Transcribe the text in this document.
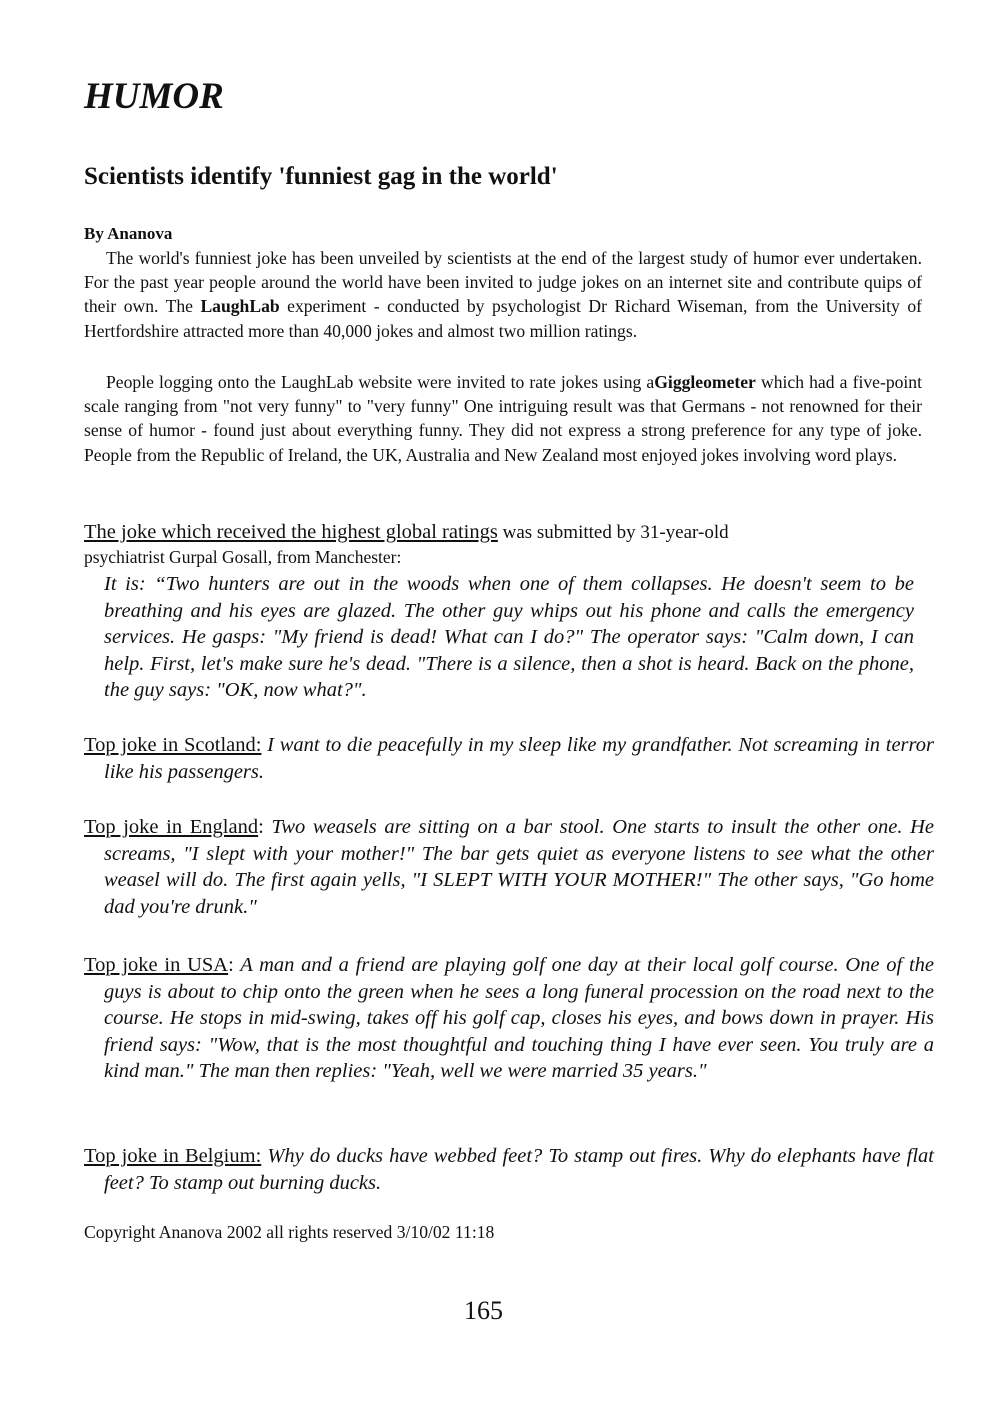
HUMOR
Scientists identify 'funniest gag in the world'
By Ananova

The world's funniest joke has been unveiled by scientists at the end of the largest study of humor ever undertaken. For the past year people around the world have been invited to judge jokes on an internet site and contribute quips of their own. The LaughLab experiment - conducted by psychologist Dr Richard Wiseman, from the University of Hertfordshire attracted more than 40,000 jokes and almost two million ratings.

People logging onto the LaughLab website were invited to rate jokes using aGiggleometer which had a five-point scale ranging from "not very funny" to "very funny" One intriguing result was that Germans - not renowned for their sense of humor - found just about everything funny. They did not express a strong preference for any type of joke. People from the Republic of Ireland, the UK, Australia and New Zealand most enjoyed jokes involving word plays.

The joke which received the highest global ratings was submitted by 31-year-old
psychiatrist Gurpal Gosall, from Manchester:

It is: “Two hunters are out in the woods when one of them collapses. He doesn't seem to be breathing and his eyes are glazed. The other guy whips out his phone and calls the emergency services. He gasps: "My friend is dead! What can I do?" The operator says: "Calm down, I can help. First, let's make sure he's dead. "There is a silence, then a shot is heard. Back on the phone, the guy says: "OK, now what?".

Top joke in Scotland: I want to die peacefully in my sleep like my grandfather. Not screaming in terror like his passengers.

Top joke in England: Two weasels are sitting on a bar stool. One starts to insult the other one. He screams, "I slept with your mother!" The bar gets quiet as everyone listens to see what the other weasel will do. The first again yells, "I SLEPT WITH YOUR MOTHER!" The other says, "Go home dad you're drunk."

Top joke in USA: A man and a friend are playing golf one day at their local golf course. One of the guys is about to chip onto the green when he sees a long funeral procession on the road next to the course. He stops in mid-swing, takes off his golf cap, closes his eyes, and bows down in prayer. His friend says: "Wow, that is the most thoughtful and touching thing I have ever seen. You truly are a kind man." The man then replies: "Yeah, well we were married 35 years."

Top joke in Belgium: Why do ducks have webbed feet? To stamp out fires. Why do elephants have flat feet? To stamp out burning ducks.

Copyright Ananova 2002 all rights reserved 3/10/02 11:18

165
